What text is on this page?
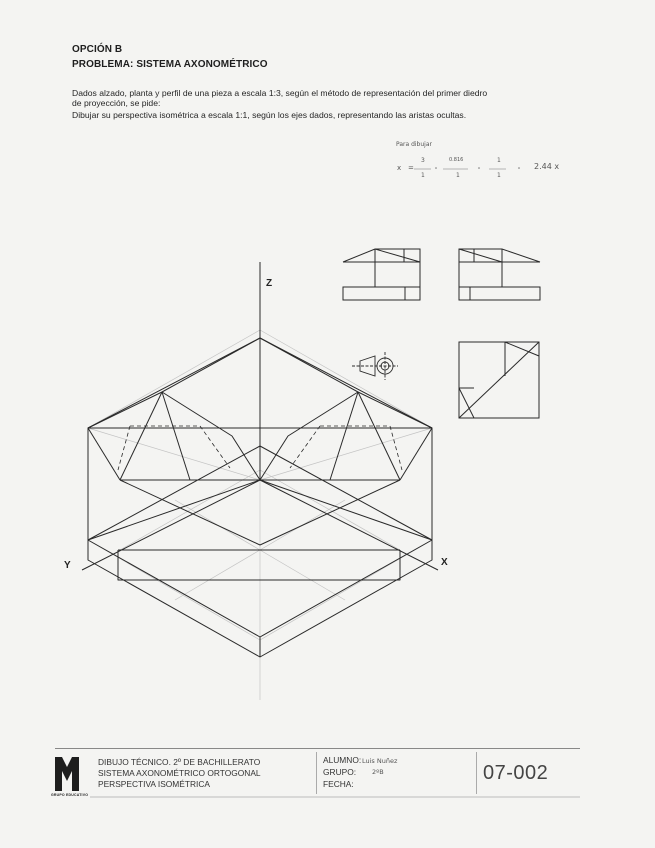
OPCIÓN B
PROBLEMA: SISTEMA AXONOMÉTRICO
Dados alzado, planta y perfil de una pieza a escala 1:3, según el método de representación del primer diedro
de proyección, se pide:
Dibujar su perspectiva isométrica a escala 1:1, según los ejes dados, representando las aristas ocultas.
Para dibujar
x =
3
1
0.816
1
1
1
2.44 x
Z
Y	X
GRUPO EDUCATIVO
DIBUJO TÉCNICO. 2º DE BACHILLERATO
SISTEMA AXONOMÉTRICO ORTOGONAL
PERSPECTIVA ISOMÉTRICA
ALUMNO: Luis Nuñez
GRUPO: 2ºB
FECHA:	07-002
